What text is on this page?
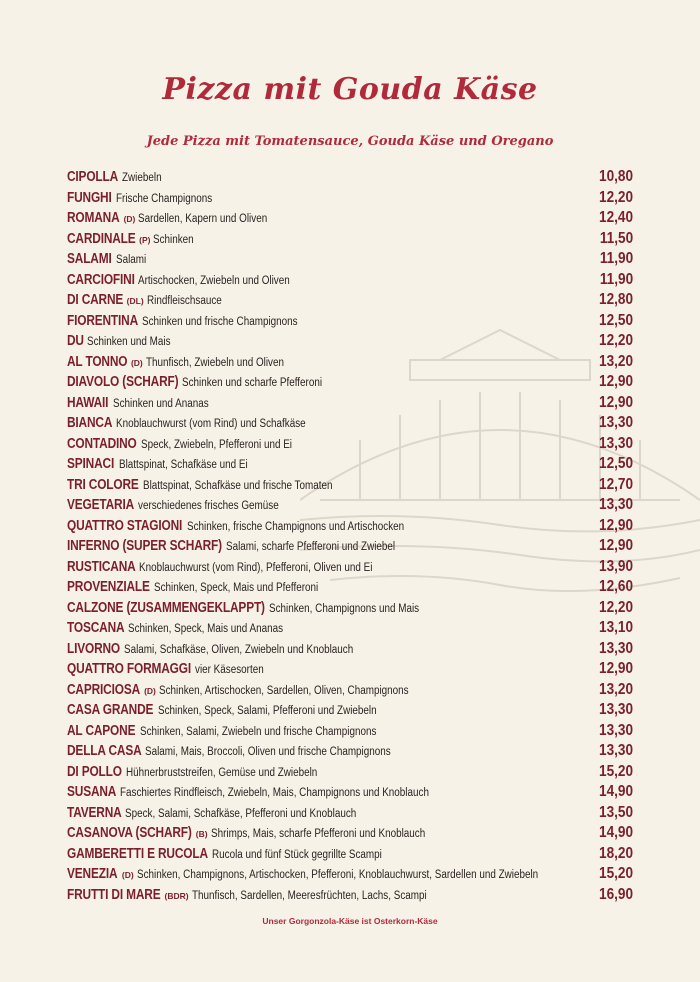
Pizza mit Gouda Käse
Jede Pizza mit Tomatensauce, Gouda Käse und Oregano
CIPOLLA Zwiebeln	10,80
FUNGHI Frische Champignons	12,20
ROMANA (D) Sardellen, Kapern und Oliven	12,40
CARDINALE (P) Schinken	11,50
SALAMI Salami	11,90
CARCIOFINI Artischocken, Zwiebeln und Oliven	11,90
DI CARNE (DL) Rindfleischsauce	12,80
FIORENTINA Schinken und frische Champignons	12,50
DU Schinken und Mais	12,20
AL TONNO (D) Thunfisch, Zwiebeln und Oliven	13,20
DIAVOLO (SCHARF) Schinken und scharfe Pfefferoni	12,90
HAWAII Schinken und Ananas	12,90
BIANCA Knoblauchwurst (vom Rind) und Schafkäse	13,30
CONTADINO Speck, Zwiebeln, Pfefferoni und Ei	13,30
SPINACI Blattspinat, Schafkäse und Ei	12,50
TRI COLORE Blattspinat, Schafkäse und frische Tomaten	12,70
VEGETARIA verschiedenes frisches Gemüse	13,30
QUATTRO STAGIONI Schinken, frische Champignons und Artischocken	12,90
INFERNO (SUPER SCHARF) Salami, scharfe Pfefferoni und Zwiebel	12,90
RUSTICANA Knoblauchwurst (vom Rind), Pfefferoni, Oliven und Ei	13,90
PROVENZIALE Schinken, Speck, Mais und Pfefferoni	12,60
CALZONE (ZUSAMMENGEKLAPPT) Schinken, Champignons und Mais	12,20
TOSCANA Schinken, Speck, Mais und Ananas	13,10
LIVORNO Salami, Schafkäse, Oliven, Zwiebeln und Knoblauch	13,30
QUATTRO FORMAGGI vier Käsesorten	12,90
CAPRICIOSA (D) Schinken, Artischocken, Sardellen, Oliven, Champignons	13,20
CASA GRANDE Schinken, Speck, Salami, Pfefferoni und Zwiebeln	13,30
AL CAPONE Schinken, Salami, Zwiebeln und frische Champignons	13,30
DELLA CASA Salami, Mais, Broccoli, Oliven und frische Champignons	13,30
DI POLLO Hühnerbruststreifen, Gemüse und Zwiebeln	15,20
SUSANA Faschiertes Rindfleisch, Zwiebeln, Mais, Champignons und Knoblauch	14,90
TAVERNA Speck, Salami, Schafkäse, Pfefferoni und Knoblauch	13,50
CASANOVA (SCHARF) (B) Shrimps, Mais, scharfe Pfefferoni und Knoblauch	14,90
GAMBERETTI E RUCOLA Rucola und fünf Stück gegrillte Scampi	18,20
VENEZIA (D) Schinken, Champignons, Artischocken, Pfefferoni, Knoblauchwurst, Sardellen und Zwiebeln	15,20
FRUTTI DI MARE (BDR) Thunfisch, Sardellen, Meeresfrüchten, Lachs, Scampi	16,90
Unser Gorgonzola-Käse ist Osterkorn-Käse
